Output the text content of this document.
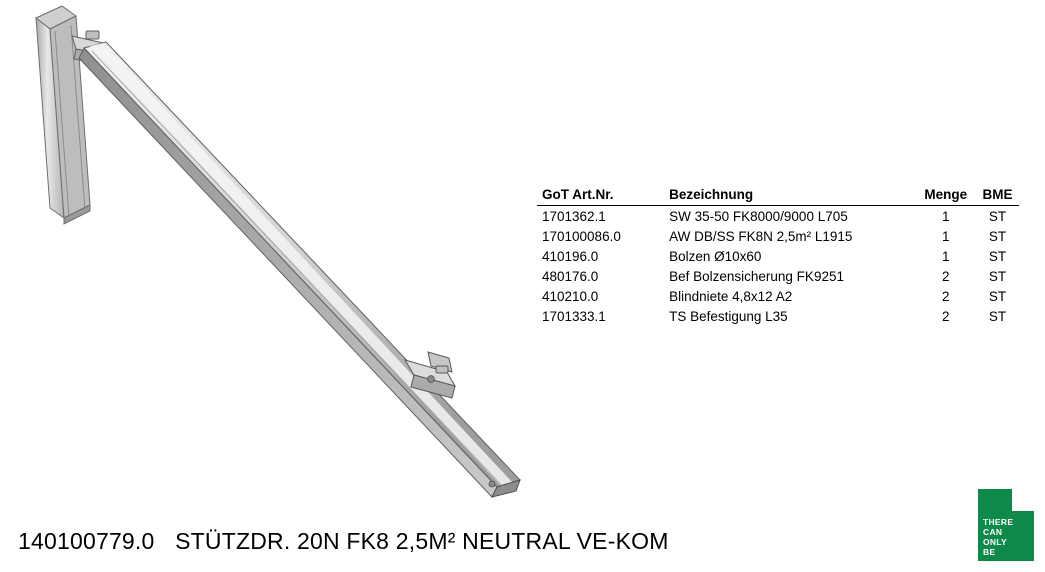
GoT Art.Nr.	Bezeichnung	Menge	BME
1701362.1	SW 35-50 FK8000/9000 L705	1	ST
170100086.0	AW DB/SS FK8N 2,5m² L1915	1	ST
410196.0	Bolzen Ø10x60	1	ST
480176.0	Bef Bolzensicherung FK9251	2	ST
410210.0	Blindniete 4,8x12 A2	2	ST
1701333.1	TS Befestigung L35	2	ST
140100779.0 STÜTZDR. 20N FK8 2,5M² NEUTRAL VE-KOM
THERE
CAN
ONLY
BE
